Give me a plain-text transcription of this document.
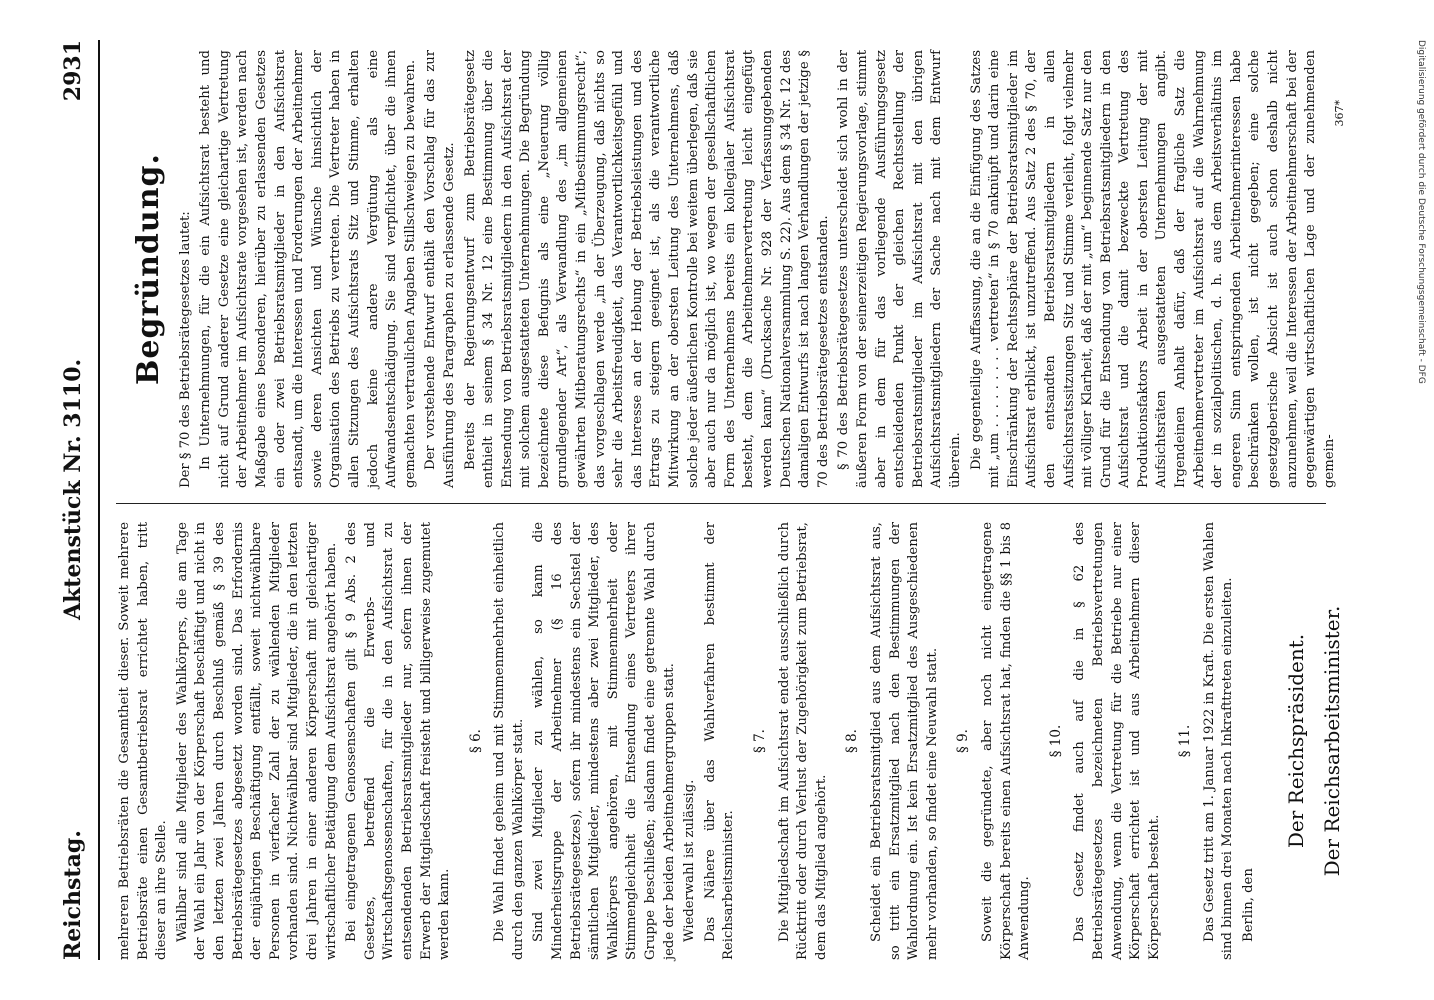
Reichstag.
Aktenstück Nr. 3110.
2931

mehreren Betriebsräten die Gesamtheit dieser. Soweit mehrere Betriebsräte einen Gesamtbetriebsrat errichtet haben, tritt dieser an ihre Stelle. Wählbar sind alle Mitglieder des Wahlkörpers, die am Tage der Wahl ein Jahr von der Körperschaft beschäftigt und nicht in den letzten zwei Jahren durch Beschluß gemäß § 39 des Betriebsrätegesetzes abgesetzt worden sind. Das Erfordernis der einjährigen Beschäftigung entfällt, soweit nichtwählbare Personen in vierfacher Zahl der zu wählenden Mitglieder vorhanden sind. Nichtwählbar sind Mitglieder, die in den letzten drei Jahren in einer anderen Körperschaft mit gleichartiger wirtschaftlicher Betätigung dem Aufsichtsrat angehört haben. Bei eingetragenen Genossenschaften gilt § 9 Abs. 2 des Gesetzes, betreffend die Erwerbs- und Wirtschaftsgenossenschaften, für die in den Aufsichtsrat zu entsendenden Betriebsratsmitglieder nur, sofern ihnen der Erwerb der Mitgliedschaft freisteht und billigerweise zugemutet werden kann.

§ 6. Die Wahl findet geheim und mit Stimmenmehrheit einheitlich durch den ganzen Wahlkörper statt. Sind zwei Mitglieder zu wählen, so kann die Minderheitsgruppe der Arbeitnehmer (§ 16 des Betriebsrätegesetzes), sofern ihr mindestens ein Sechstel der sämtlichen Mitglieder, mindestens aber zwei Mitglieder, des Wahlkörpers angehören, mit Stimmenmehrheit oder Stimmengleichheit die Entsendung eines Vertreters ihrer Gruppe beschließen; alsdann findet eine getrennte Wahl durch jede der beiden Arbeitnehmergruppen statt. Wiederwahl ist zulässig. Das Nähere über das Wahlverfahren bestimmt der Reichsarbeitsminister.

§ 7. Die Mitgliedschaft im Aufsichtsrat endet ausschließlich durch Rücktritt oder durch Verlust der Zugehörigkeit zum Betriebsrat, dem das Mitglied angehört.

§ 8. Scheidet ein Betriebsratsmitglied aus dem Aufsichtsrat aus, so tritt ein Ersatzmitglied nach den Bestimmungen der Wahlordnung ein. Ist kein Ersatzmitglied des Ausgeschiedenen mehr vorhanden, so findet eine Neuwahl statt. § 9. Soweit die gegründete, aber noch nicht eingetragene Körperschaft bereits einen Aufsichtsrat hat, finden die §§ 1 bis 8 Anwendung.

§ 10. Das Gesetz findet auch auf die in § 62 des Betriebsrätegesetzes bezeichneten Betriebsvertretungen Anwendung, wenn die Vertretung für die Betriebe nur einer Körperschaft errichtet ist und aus Arbeitnehmern dieser Körperschaft besteht.

§ 11. Das Gesetz tritt am 1. Januar 1922 in Kraft. Die ersten Wahlen sind binnen drei Monaten nach Inkrafttreten einzuleiten. Berlin, den

Der Reichspräsident. Der Reichsarbeitsminister.
Begründung. Der § 70 des Betriebsrätegesetzes lautet: In Unternehmungen, für die ein Aufsichtsrat besteht und nicht auf Grund anderer Gesetze eine gleichartige Vertretung der Arbeitnehmer im Aufsichtsrate vorgesehen ist, werden nach Maßgabe eines besonderen, hierüber zu erlassenden Gesetzes ein oder zwei Betriebsratsmitglieder in den Aufsichtsrat entsandt, um die Interessen und Forderungen der Arbeitnehmer sowie deren Ansichten und Wünsche hinsichtlich der Organisation des Betriebs zu vertreten. Die Vertreter haben in allen Sitzungen des Aufsichtsrats Sitz und Stimme, erhalten jedoch keine andere Vergütung als eine Aufwandsentschädigung. Sie sind verpflichtet, über die ihnen gemachten vertraulichen Angaben Stillschweigen zu bewahren. Der vorstehende Entwurf enthält den Vorschlag für das zur Ausführung des Paragraphen zu erlassende Gesetz. Bereits der Regierungsentwurf zum Betriebsrätegesetz enthielt in seinem § 34 Nr. 12 eine Bestimmung über die Entsendung von Betriebsratsmitgliedern in den Aufsichtsrat der mit solchem ausgestatteten Unternehmungen. Die Begründung bezeichnete diese Befugnis als eine „Neuerung völlig grundlegender Art“, als Verwandlung des „im allgemeinen gewährten Mitberatungsrechts“ in ein „Mitbestimmungsrecht“; das vorgeschlagen werde „in der Überzeugung, daß nichts so sehr die Arbeitsfreudigkeit, das Verantwortlichkeitsgefühl und das Interesse an der Hebung der Betriebsleistungen und des Ertrags zu steigern geeignet ist, als die verantwortliche Mitwirkung an der obersten Leitung des Unternehmens, daß solche jeder äußerlichen Kontrolle bei weitem überlegen, daß sie aber auch nur da möglich ist, wo wegen der gesellschaftlichen Form des Unternehmens bereits ein kollegialer Aufsichtsrat besteht, dem die Arbeitnehmervertretung leicht eingefügt werden kann“ (Drucksache Nr. 928 der Verfassunggebenden Deutschen Nationalversammlung S. 22). Aus dem § 34 Nr. 12 des damaligen Entwurfs ist nach langen Verhandlungen der jetzige § 70 des Betriebsrätegesetzes entstanden. § 70 des Betriebsrätegesetzes unterscheidet sich wohl in der äußeren Form von der seinerzeitigen Regierungsvorlage, stimmt aber in dem für das vorliegende Ausführungsgesetz entscheidenden Punkt der gleichen Rechtsstellung der Betriebsratsmitglieder im Aufsichtsrat mit den übrigen Aufsichtsratsmitgliedern der Sache nach mit dem Entwurf überein. Die gegenteilige Auffassung, die an die Einfügung des Satzes mit „um . . . . . . . . . vertreten“ in § 70 anknüpft und darin eine Einschränkung der Rechtssphäre der Betriebsratsmitglieder im Aufsichtsrat erblickt, ist unzutreffend. Aus Satz 2 des § 70, der den entsandten Betriebsratsmitgliedern in allen Aufsichtsratssitzungen Sitz und Stimme verleiht, folgt vielmehr mit völliger Klarheit, daß der mit „um“ beginnende Satz nur den Grund für die Entsendung von Betriebsratsmitgliedern in den Aufsichtsrat und die damit bezweckte Vertretung des Produktionsfaktors Arbeit in der obersten Leitung der mit Aufsichtsräten ausgestatteten Unternehmungen angibt. Irgendeinen Anhalt dafür, daß der fragliche Satz die Arbeitnehmervertreter im Aufsichtsrat auf die Wahrnehmung der in sozialpolitischen, d. h. aus dem Arbeitsverhältnis im engeren Sinn entspringenden Arbeitnehmerinteressen habe beschränken wollen, ist nicht gegeben; eine solche gesetzgeberische Absicht ist auch schon deshalb nicht anzunehmen, weil die Interessen der Arbeitnehmerschaft bei der gegenwärtigen wirtschaftlichen Lage und der zunehmenden gemein-

367*	Digitalisierung gefördert durch die Deutsche Forschungsgemeinschaft - DFG
